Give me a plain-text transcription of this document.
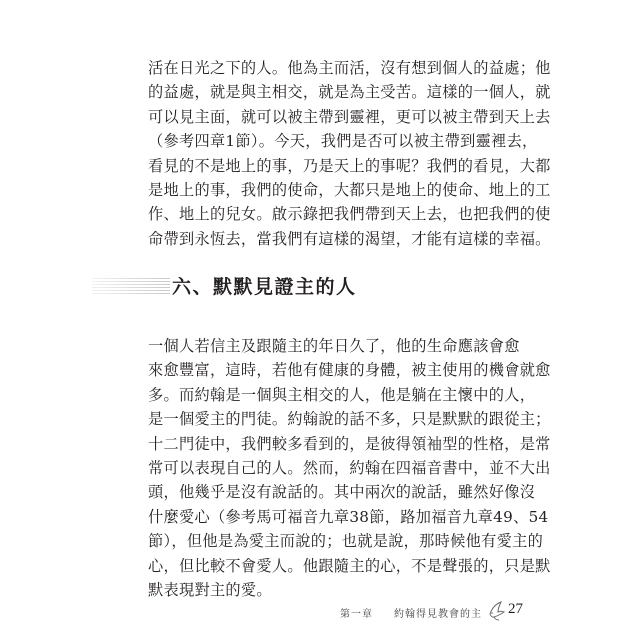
活在日光之下的人。他為主而活，沒有想到個人的益處；他
的益處，就是與主相交，就是為主受苦。這樣的一個人，就
可以見主面，就可以被主帶到靈裡，更可以被主帶到天上去
（參考四章1節）。今天，我們是否可以被主帶到靈裡去，
看見的不是地上的事，乃是天上的事呢？我們的看見，大都
是地上的事，我們的使命，大都只是地上的使命、地上的工
作、地上的兒女。啟示錄把我們帶到天上去，也把我們的使
命帶到永恆去，當我們有這樣的渴望，才能有這樣的幸福。
六、默默見證主的人
一個人若信主及跟隨主的年日久了，他的生命應該會愈
來愈豐富，這時，若他有健康的身體，被主使用的機會就愈
多。而約翰是一個與主相交的人，他是躺在主懷中的人，
是一個愛主的門徒。約翰說的話不多，只是默默的跟從主；
十二門徒中，我們較多看到的，是彼得領袖型的性格，是常
常可以表現自己的人。然而，約翰在四福音書中，並不大出
頭，他幾乎是沒有說話的。其中兩次的說話，雖然好像沒
什麼愛心（參考馬可福音九章38節，路加福音九章49、54
節），但他是為愛主而說的；也就是說，那時候他有愛主的
心，但比較不會愛人。他跟隨主的心，不是聲張的，只是默
默表現對主的愛。
第一章 約翰得見教會的主 27
